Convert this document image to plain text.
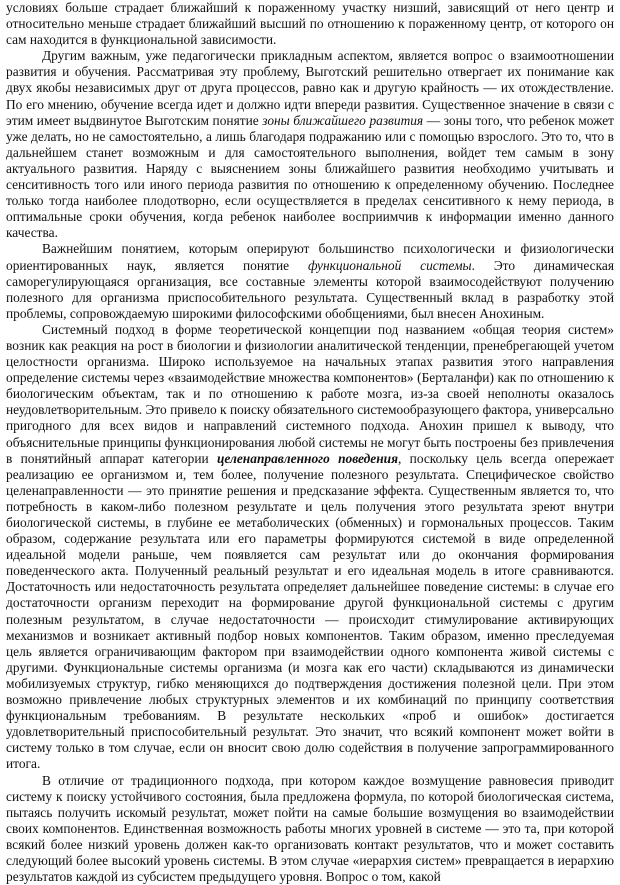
условиях больше страдает ближайший к пораженному участку низший, зависящий от него центр и относительно меньше страдает ближайший высший по отношению к пораженному центр, от которого он сам находится в функциональной зависимости.

Другим важным, уже педагогически прикладным аспектом, является вопрос о взаимоотношении развития и обучения. Рассматривая эту проблему, Выготский решительно отвергает их понимание как двух якобы независимых друг от друга процессов, равно как и другую крайность — их отождествление. По его мнению, обучение всегда идет и должно идти впереди развития. Существенное значение в связи с этим имеет выдвинутое Выготским понятие зоны ближайшего развития — зоны того, что ребенок может уже делать, но не самостоятельно, а лишь благодаря подражанию или с помощью взрослого. Это то, что в дальнейшем станет возможным и для самостоятельного выполнения, войдет тем самым в зону актуального развития. Наряду с выяснением зоны ближайшего развития необходимо учитывать и сенситивность того или иного периода развития по отношению к определенному обучению. Последнее только тогда наиболее плодотворно, если осуществляется в пределах сенситивного к нему периода, в оптимальные сроки обучения, когда ребенок наиболее восприимчив к информации именно данного качества.

Важнейшим понятием, которым оперируют большинство психологически и физиологически ориентированных наук, является понятие функциональной системы. Это динамическая саморегулирующаяся организация, все составные элементы которой взаимосодействуют получению полезного для организма приспособительного результата. Существенный вклад в разработку этой проблемы, сопровождаемую широкими философскими обобщениями, был внесен Анохиным.

Системный подход в форме теоретической концепции под названием «общая теория систем» возник как реакция на рост в биологии и физиологии аналитической тенденции, пренебрегающей учетом целостности организма. Широко используемое на начальных этапах развития этого направления определение системы через «взаимодействие множества компонентов» (Берталанфи) как по отношению к биологическим объектам, так и по отношению к работе мозга, из-за своей неполноты оказалось неудовлетворительным. Это привело к поиску обязательного системообразующего фактора, универсально пригодного для всех видов и направлений системного подхода. Анохин пришел к выводу, что объяснительные принципы функционирования любой системы не могут быть построены без привлечения в понятийный аппарат категории целенаправленного поведения, поскольку цель всегда опережает реализацию ее организмом и, тем более, получение полезного результата. Специфическое свойство целенаправленности — это принятие решения и предсказание эффекта. Существенным является то, что потребность в каком-либо полезном результате и цель получения этого результата зреют внутри биологической системы, в глубине ее метаболических (обменных) и гормональных процессов. Таким образом, содержание результата или его параметры формируются системой в виде определенной идеальной модели раньше, чем появляется сам результат или до окончания формирования поведенческого акта. Полученный реальный результат и его идеальная модель в итоге сравниваются. Достаточность или недостаточность результата определяет дальнейшее поведение системы: в случае его достаточности организм переходит на формирование другой функциональной системы с другим полезным результатом, в случае недостаточности — происходит стимулирование активирующих механизмов и возникает активный подбор новых компонентов. Таким образом, именно преследуемая цель является ограничивающим фактором при взаимодействии одного компонента живой системы с другими. Функциональные системы организма (и мозга как его части) складываются из динамически мобилизуемых структур, гибко меняющихся до подтверждения достижения полезной цели. При этом возможно привлечение любых структурных элементов и их комбинаций по принципу соответствия функциональным требованиям. В результате нескольких «проб и ошибок» достигается удовлетворительный приспособительный результат. Это значит, что всякий компонент может войти в систему только в том случае, если он вносит свою долю содействия в получение запрограммированного итога.

В отличие от традиционного подхода, при котором каждое возмущение равновесия приводит систему к поиску устойчивого состояния, была предложена формула, по которой биологическая система, пытаясь получить искомый результат, может пойти на самые большие возмущения во взаимодействии своих компонентов. Единственная возможность работы многих уровней в системе — это та, при которой всякий более низкий уровень должен как-то организовать контакт результатов, что и может составить следующий более высокий уровень системы. В этом случае «иерархия систем» превращается в иерархию результатов каждой из субсистем предыдущего уровня. Вопрос о том, какой
